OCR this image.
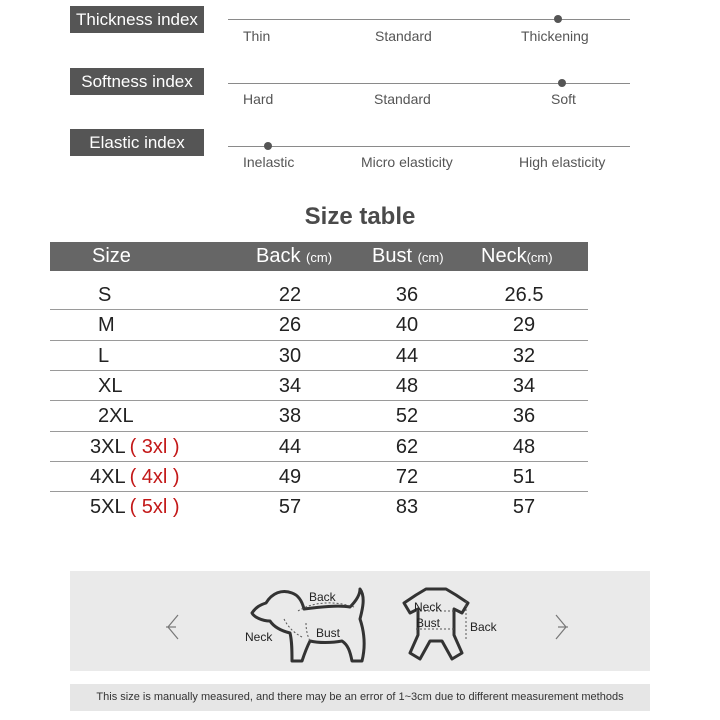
Thickness index
Thin	Standard	Thickening
Softness index
Hard	Standard	Soft
Elastic index
Inelastic	Micro elasticity	High elasticity
Size table
Size	Back (cm) Bust (cm) Neck(cm)
S	22	36	26.5
M	26	40	29
L	30	44	32
XL	34	48	34
2XL	38	52	36
3XL ( 3xl )	44	62	48
4XL ( 4xl )	49	72	51
5XL ( 5xl )	57	83	57
Back
Neck	Bust
Neck
Bust Back
This size is manually measured, and there may be an error of 1~3cm due to different measurement methods
